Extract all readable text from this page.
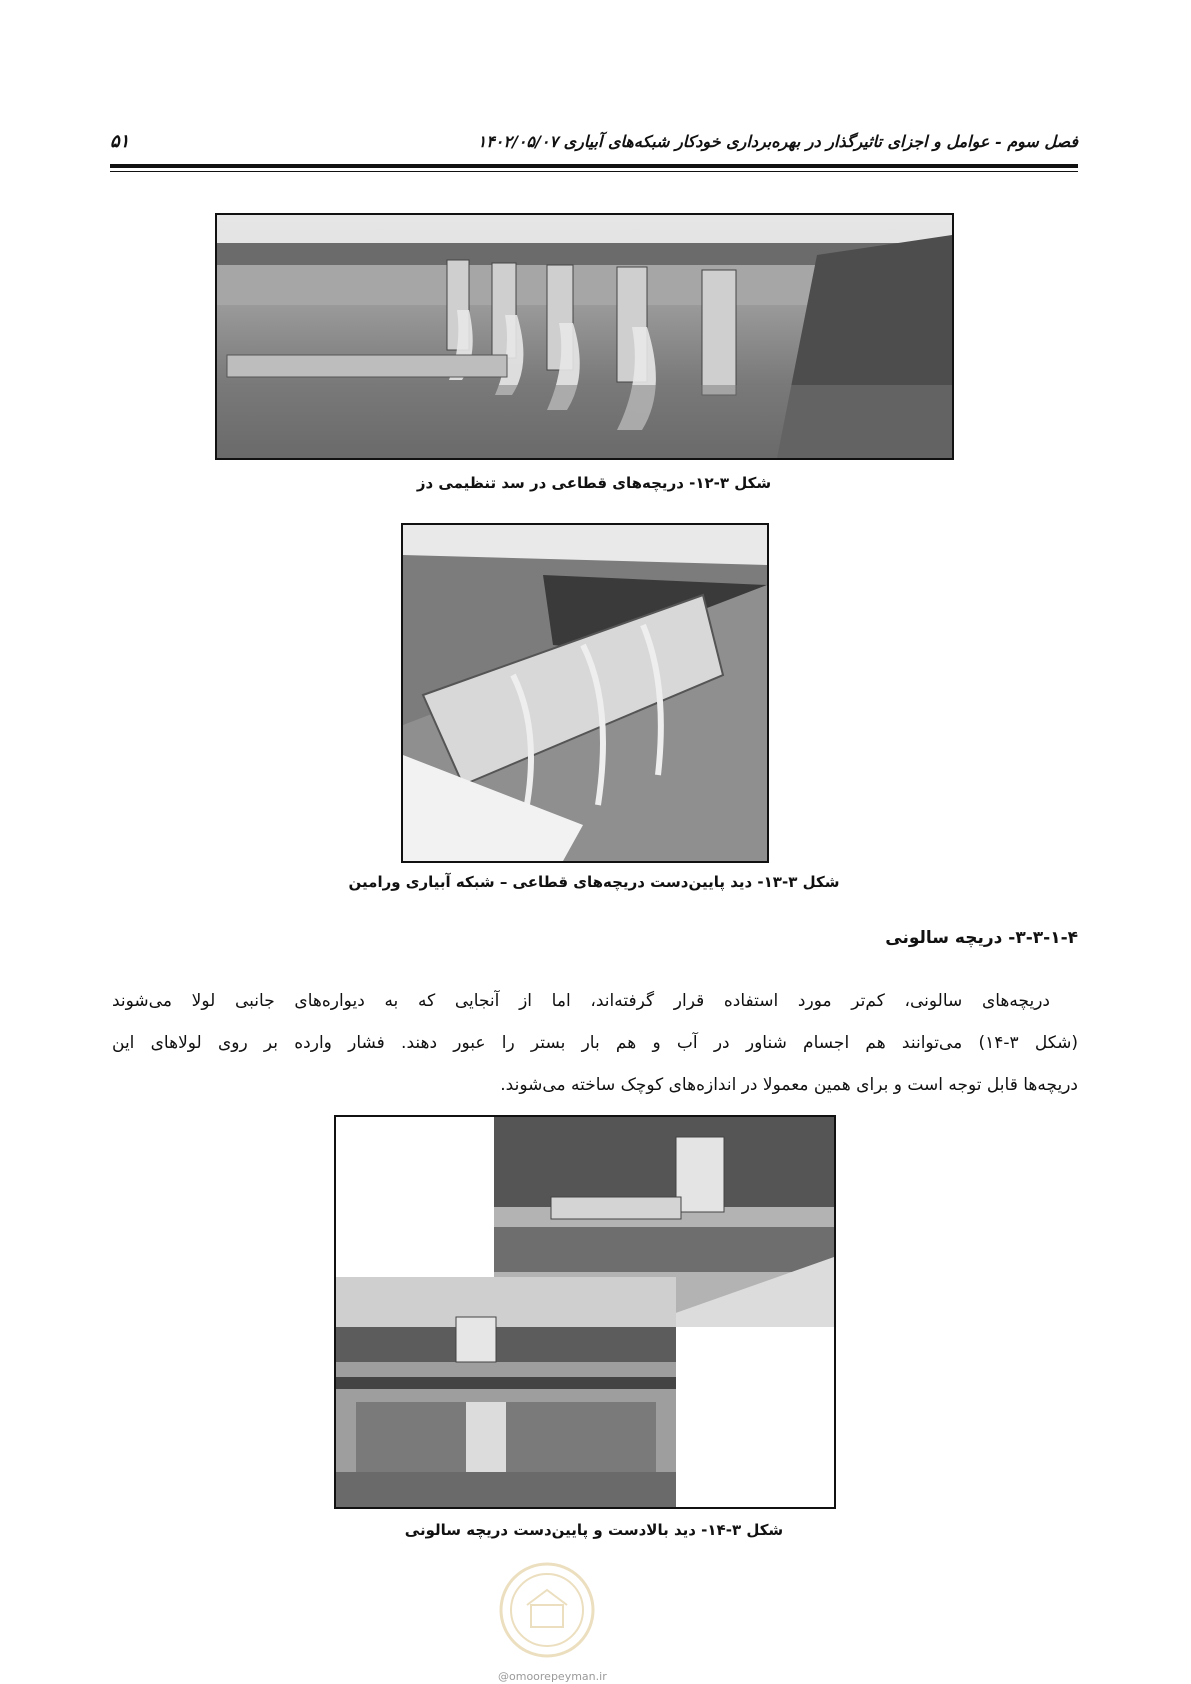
فصل سوم - عوامل و اجزای تاثیرگذار در بهره‌برداری خودکار شبکه‌های آبیاری ۱۴۰۲/۰۵/۰۷
۵۱
شکل ۳-۱۲- دریچه‌های قطاعی در سد تنظیمی دز
شکل ۳-۱۳- دید پایین‌دست دریچه‌های قطاعی – شبکه آبیاری ورامین
۳-۳-۱-۴- دریچه سالونی
دریچه‌های سالونی، کم‌تر مورد استفاده قرار گرفته‌اند، اما از آنجایی که به دیواره‌های جانبی لولا می‌شوند
(شکل ۳-۱۴) می‌توانند هم اجسام شناور در آب و هم بار بستر را عبور دهند. فشار وارده بر روی لولاهای این
دریچه‌ها قابل توجه است و برای همین معمولا در اندازه‌های کوچک ساخته می‌شوند.
شکل ۳-۱۴- دید بالادست و پایین‌دست دریچه سالونی
@omoorepeyman.ir
